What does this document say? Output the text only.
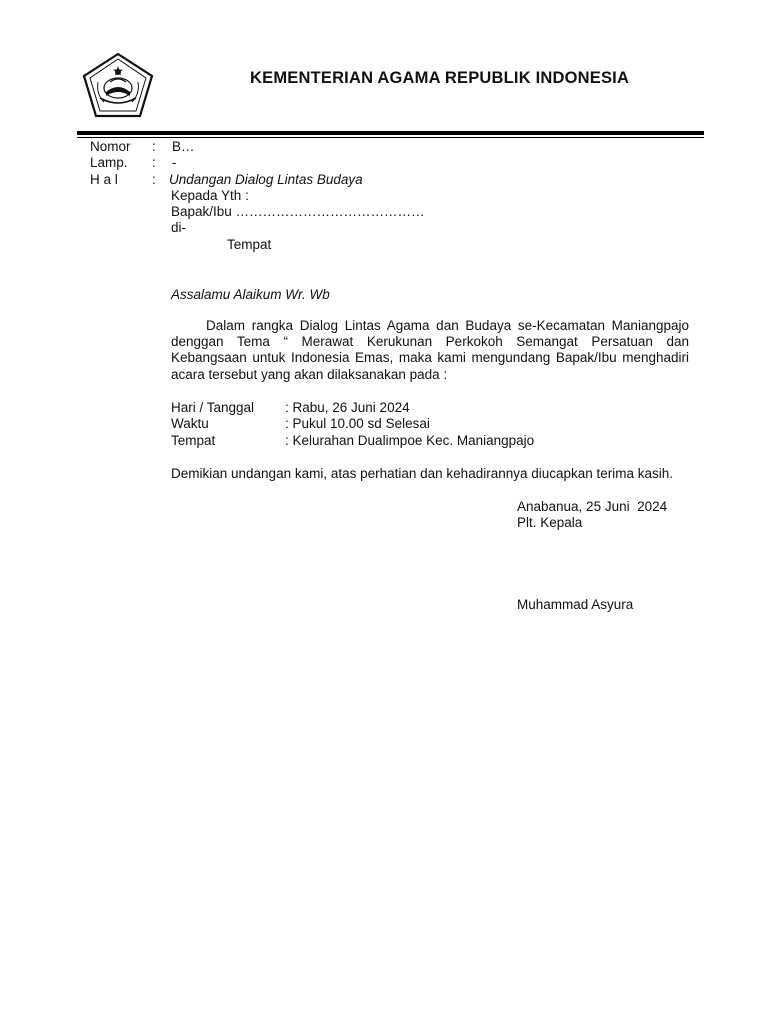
KEMENTERIAN AGAMA REPUBLIK INDONESIA
Nomor : B…
Lamp. : -
H a l	: Undangan Dialog Lintas Budaya
Kepada Yth :
Bapak/Ibu ……………………………………
di-
Tempat
Assalamu Alaikum Wr. Wb
Dalam rangka Dialog Lintas Agama dan Budaya se-Kecamatan Maniangpajo denggan Tema “ Merawat Kerukunan Perkokoh Semangat Persatuan dan Kebangsaan untuk Indonesia Emas, maka kami mengundang Bapak/Ibu menghadiri acara tersebut yang akan dilaksanakan pada :
Hari / Tanggal : Rabu, 26 Juni 2024
Waktu	: Pukul 10.00 sd Selesai
Tempat	: Kelurahan Dualimpoe Kec. Maniangpajo
Demikian undangan kami, atas perhatian dan kehadirannya diucapkan terima kasih.
Anabanua, 25 Juni  2024
Plt. Kepala
Muhammad Asyura
